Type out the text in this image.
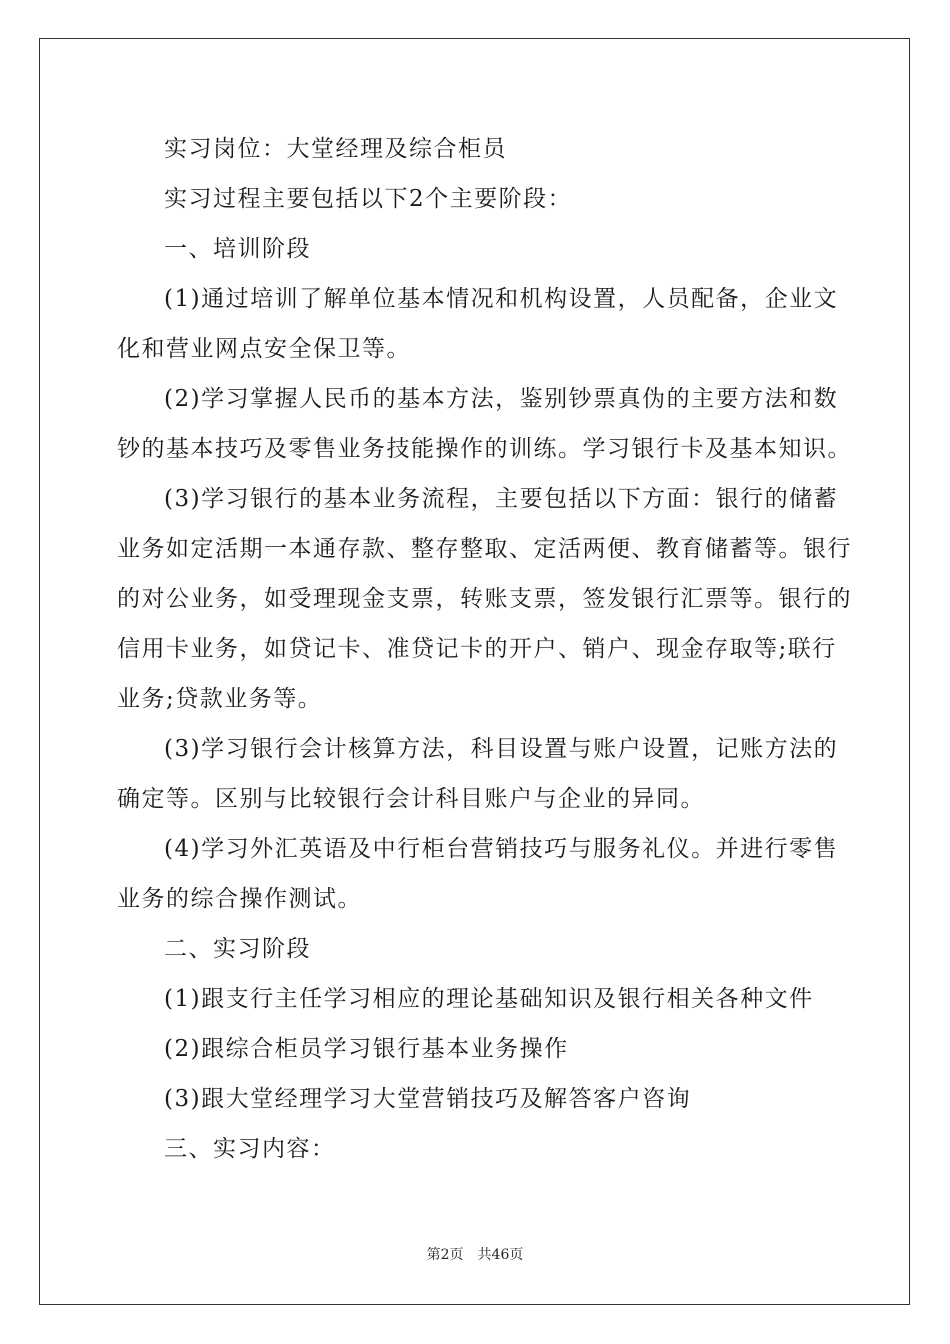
实习岗位：大堂经理及综合柜员
实习过程主要包括以下2个主要阶段：
一、培训阶段
(1)通过培训了解单位基本情况和机构设置，人员配备，企业文
化和营业网点安全保卫等。
(2)学习掌握人民币的基本方法，鉴别钞票真伪的主要方法和数
钞的基本技巧及零售业务技能操作的训练。学习银行卡及基本知识。
(3)学习银行的基本业务流程，主要包括以下方面：银行的储蓄
业务如定活期一本通存款、整存整取、定活两便、教育储蓄等。银行
的对公业务，如受理现金支票，转账支票，签发银行汇票等。银行的
信用卡业务，如贷记卡、准贷记卡的开户、销户、现金存取等;联行
业务;贷款业务等。
(3)学习银行会计核算方法，科目设置与账户设置，记账方法的
确定等。区别与比较银行会计科目账户与企业的异同。
(4)学习外汇英语及中行柜台营销技巧与服务礼仪。并进行零售
业务的综合操作测试。
二、实习阶段
(1)跟支行主任学习相应的理论基础知识及银行相关各种文件
(2)跟综合柜员学习银行基本业务操作
(3)跟大堂经理学习大堂营销技巧及解答客户咨询
三、实习内容：
第2页　共46页
